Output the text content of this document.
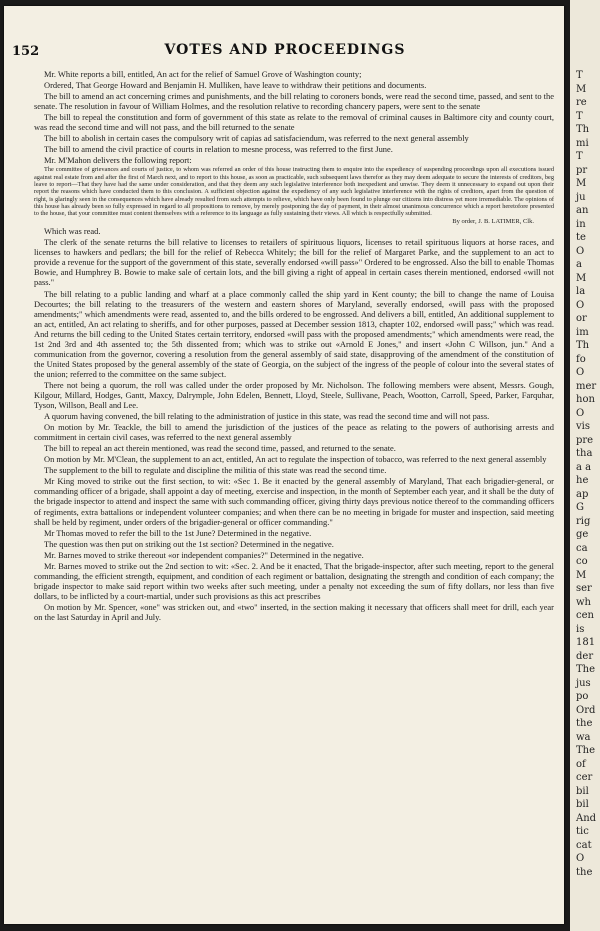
152	VOTES AND PROCEEDINGS

Mr. White reports a bill, entitled, An act for the relief of Samuel Grove of Washington county;

Ordered, That George Howard and Benjamin H. Mulliken, have leave to withdraw their petitions and documents.

The bill to amend an act concerning crimes and punishments, and the bill relating to coroners bonds, were read the second time, passed, and sent to the senate. The resolution in favour of William Holmes, and the resolution relative to recording chancery papers, were sent to the senate

The bill to repeal the constitution and form of government of this state as relate to the removal of criminal causes in Baltimore city and county court, was read the second time and will not pass, and the bill returned to the senate

The bill to abolish in certain cases the compulsory writ of capias ad satisfaciendum, was referred to the next general assembly

The bill to amend the civil practice of courts in relation to mesne process, was referred to the first June.

Mr. M'Mahon delivers the following report:

The committee of grievances and courts of justice, to whom was referred an order of this house instructing them to enquire into the expediency of suspending proceedings upon all executions issued against real estate from and after the first of March next, and to report to this house, as soon as practicable, such subsequent laws therefor as they may deem adequate to secure the interests of creditors, beg leave to report—That they have had the same under consideration, and that they deem any such legislative interference both inexpedient and unwise. They deem it unnecessary to expand out upon their report the reasons which have conducted them to this conclusion. A sufficient objection against the expediency of any such legislative interference with the rights of creditors, apart from the question of right, is glaringly seen in the consequences which have already resulted from such attempts to relieve, which have only been found to plunge our citizens into distress yet more irremediable. The opinions of this house has already been so fully expressed in regard to all propositions to remove, by merely postponing the day of payment, in their almost unanimous concurrence which a report heretofore presented to the house, that your committee must content themselves with a reference to its language as fully sustaining their views. All which is respectfully submitted.

By order, J. B. LATIMER, Clk.

Which was read.

The clerk of the senate returns the bill relative to licenses to retailers of spirituous liquors, licenses to retail spirituous liquors at horse races, and licenses to hawkers and pedlars; the bill for the relief of Rebecca Whitely; the bill for the relief of Margaret Parke, and the supplement to an act to provide a revenue for the support of the government of this state, severally endorsed «will pass»" Ordered to be engrossed. Also the bill to enable Thomas Bowie, and Humphrey B. Bowie to make sale of certain lots, and the bill giving a right of appeal in certain cases therein mentioned, endorsed «will not pass."

The bill relating to a public landing and wharf at a place commonly called the ship yard in Kent county; the bill to change the name of Louisa Decourtes; the bill relating to the treasurers of the western and eastern shores of Maryland, severally endorsed, «will pass with the proposed amendments;" which amendments were read, assented to, and the bills ordered to be engrossed. And delivers a bill, entitled, An additional supplement to an act, entitled, An act relating to sheriffs, and for other purposes, passed at December session 1813, chapter 102, endorsed «will pass;" which was read. And returns the bill ceding to the United States certain territory, endorsed «will pass with the proposed amendments;" which amendments were read, the 1st 2nd 3rd and 4th assented to; the 5th dissented from; which was to strike out «Arnold E Jones," and insert «John C Willson, jun." And a communication from the governor, covering a resolution from the general assembly of said state, disapproving of the amendment of the constitution of the United States proposed by the general assembly of the state of Georgia, on the subject of the ingress of the people of colour into the several states of the union; referred to the committee on the same subject.

There not being a quorum, the roll was called under the order proposed by Mr. Nicholson. The following members were absent, Messrs. Gough, Kilgour, Millard, Hodges, Gantt, Maxcy, Dalrymple, John Edelen, Bennett, Lloyd, Steele, Sullivane, Peach, Wootton, Carroll, Speed, Parker, Farquhar, Tyson, Willson, Beall and Lee.

A quorum having convened, the bill relating to the administration of justice in this state, was read the second time and will not pass.

On motion by Mr. Teackle, the bill to amend the jurisdiction of the justices of the peace as relating to the powers of authorising arrests and commitment in certain civil cases, was referred to the next general assembly

The bill to repeal an act therein mentioned, was read the second time, passed, and returned to the senate.

On motion by Mr. M'Clean, the supplement to an act, entitled, An act to regulate the inspection of tobacco, was referred to the next general assembly

The supplement to the bill to regulate and discipline the militia of this state was read the second time.

Mr King moved to strike out the first section, to wit: «Sec 1. Be it enacted by the general assembly of Maryland, That each brigadier-general, or commanding officer of a brigade, shall appoint a day of meeting, exercise and inspection, in the month of September each year, and it shall be the duty of the brigade inspector to attend and inspect the same with such commanding officer, giving thirty days previous notice thereof to the commanding officers of regiments, extra battalions or independent volunteer companies; and when there can be no meeting in brigade for muster and inspection, said meeting shall be held by regiment, under orders of the brigadier-general or officer commanding."

Mr Thomas moved to refer the bill to the 1st June? Determined in the negative.

The question was then put on striking out the 1st section? Determined in the negative.

Mr. Barnes moved to strike thereout «or independent companies?" Determined in the negative.

Mr. Barnes moved to strike out the 2nd section to wit: «Sec. 2. And be it enacted, That the brigade-inspector, after such meeting, report to the general commanding, the efficient strength, equipment, and condition of each regiment or battalion, designating the strength and condition of each company; the brigade inspector to make said report within two weeks after such meeting, under a penalty not exceeding the sum of fifty dollars, nor less than five dollars, to be inflicted by a court-martial, under such provisions as this act prescribes

On motion by Mr. Spencer, «one" was stricken out, and «two" inserted, in the section making it necessary that officers shall meet for drill, each year on the last Saturday in April and July.

T
M
re
T
Th
mi
T
pr
M
ju
an
in
te
O
a
M
la
O
or
im
Th
fo
O
mer
hon
O
vis
pre
tha
a a
he
ap
G
rig
ge
ca
co
M
ser
wh
cen
is
181
der
The
jus
po
Ord
the
wa
The
of
cer
bil
bil
And
tic
cat
O
the
